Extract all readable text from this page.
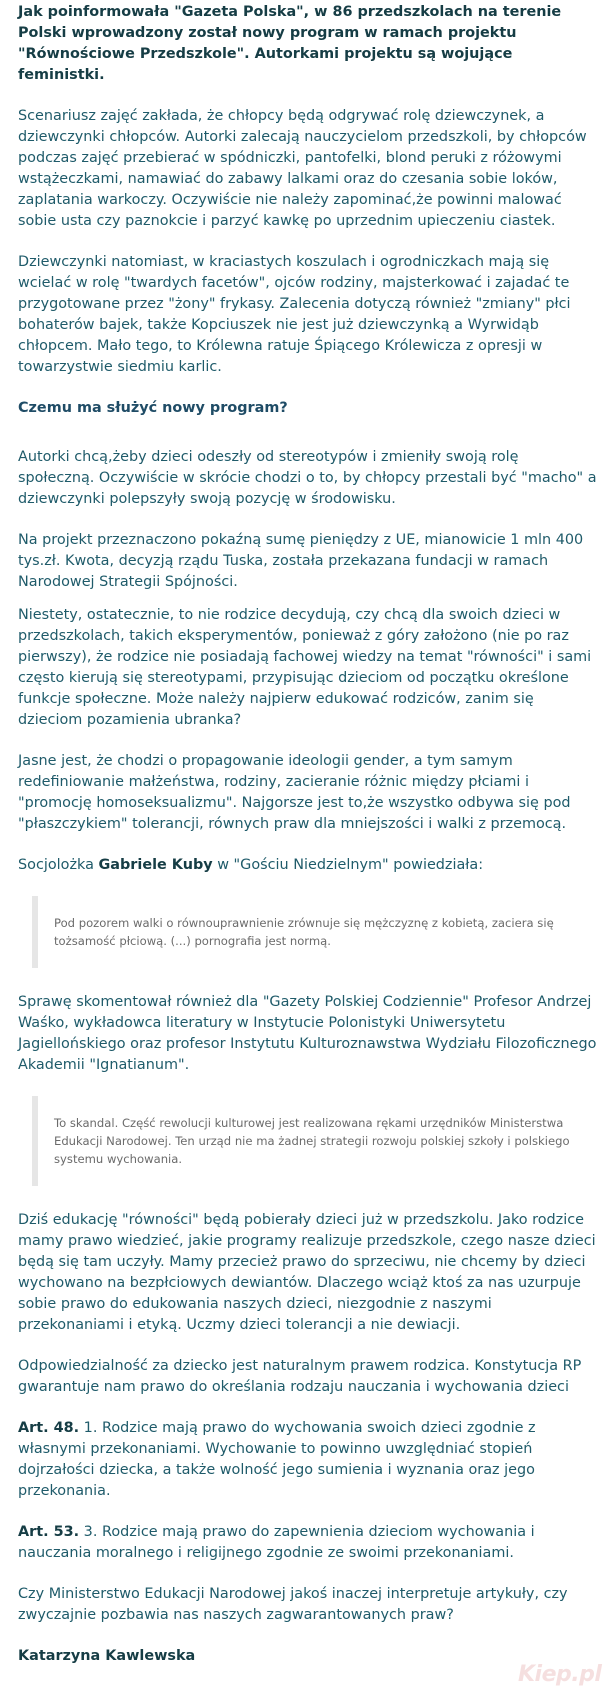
Jak poinformowała "Gazeta Polska", w 86 przedszkolach na terenie Polski wprowadzony został nowy program w ramach projektu "Równościowe Przedszkole". Autorkami projektu są wojujące feministki.

Scenariusz zajęć zakłada, że chłopcy będą odgrywać rolę dziewczynek, a dziewczynki chłopców. Autorki zalecają nauczycielom przedszkoli, by chłopców podczas zajęć przebierać w spódniczki, pantofelki, blond peruki z różowymi wstążeczkami, namawiać do zabawy lalkami oraz do czesania sobie loków, zaplatania warkoczy. Oczywiście nie należy zapominać,że powinni malować sobie usta czy paznokcie i parzyć kawkę po uprzednim upieczeniu ciastek.

Dziewczynki natomiast, w kraciastych koszulach i ogrodniczkach mają się wcielać w rolę "twardych facetów", ojców rodziny, majsterkować i zajadać te przygotowane przez "żony" frykasy. Zalecenia dotyczą również "zmiany" płci bohaterów bajek, także Kopciuszek nie jest już dziewczynką a Wyrwidąb chłopcem. Mało tego, to Królewna ratuje Śpiącego Królewicza z opresji w towarzystwie siedmiu karlic.

Czemu ma służyć nowy program?

Autorki chcą,żeby dzieci odeszły od stereotypów i zmieniły swoją rolę społeczną. Oczywiście w skrócie chodzi o to, by chłopcy przestali być "macho" a dziewczynki polepszyły swoją pozycję w środowisku.

Na projekt przeznaczono pokaźną sumę pieniędzy z UE, mianowicie 1 mln 400 tys.zł. Kwota, decyzją rządu Tuska, została przekazana fundacji w ramach Narodowej Strategii Spójności.

Niestety, ostatecznie, to nie rodzice decydują, czy chcą dla swoich dzieci w przedszkolach, takich eksperymentów, ponieważ z góry założono (nie po raz pierwszy), że rodzice nie posiadają fachowej wiedzy na temat "równości" i sami często kierują się stereotypami, przypisując dzieciom od początku określone funkcje społeczne. Może należy najpierw edukować rodziców, zanim się dzieciom pozamienia ubranka?

Jasne jest, że chodzi o propagowanie ideologii gender, a tym samym redefiniowanie małżeństwa, rodziny, zacieranie różnic między płciami i "promocję homoseksualizmu". Najgorsze jest to,że wszystko odbywa się pod "płaszczykiem" tolerancji, równych praw dla mniejszości i walki z przemocą.

Socjolożka Gabriele Kuby w "Gościu Niedzielnym" powiedziała:

Pod pozorem walki o równouprawnienie zrównuje się mężczyznę z kobietą, zaciera się tożsamość płciową. (...) pornografia jest normą.

Sprawę skomentował również dla "Gazety Polskiej Codziennie" Profesor Andrzej Waśko, wykładowca literatury w Instytucie Polonistyki Uniwersytetu Jagiellońskiego oraz profesor Instytutu Kulturoznawstwa Wydziału Filozoficznego Akademii "Ignatianum".

To skandal. Część rewolucji kulturowej jest realizowana rękami urzędników Ministerstwa Edukacji Narodowej. Ten urząd nie ma żadnej strategii rozwoju polskiej szkoły i polskiego systemu wychowania.

Dziś edukację "równości" będą pobierały dzieci już w przedszkolu. Jako rodzice mamy prawo wiedzieć, jakie programy realizuje przedszkole, czego nasze dzieci będą się tam uczyły. Mamy przecież prawo do sprzeciwu, nie chcemy by dzieci wychowano na bezpłciowych dewiantów. Dlaczego wciąż ktoś za nas uzurpuje sobie prawo do edukowania naszych dzieci, niezgodnie z naszymi przekonaniami i etyką. Uczmy dzieci tolerancji a nie dewiacji.

Odpowiedzialność za dziecko jest naturalnym prawem rodzica. Konstytucja RP gwarantuje nam prawo do określania rodzaju nauczania i wychowania dzieci

Art. 48. 1. Rodzice mają prawo do wychowania swoich dzieci zgodnie z własnymi przekonaniami. Wychowanie to powinno uwzględniać stopień dojrzałości dziecka, a także wolność jego sumienia i wyznania oraz jego przekonania.

Art. 53. 3. Rodzice mają prawo do zapewnienia dzieciom wychowania i nauczania moralnego i religijnego zgodnie ze swoimi przekonaniami.

Czy Ministerstwo Edukacji Narodowej jakoś inaczej interpretuje artykuły, czy zwyczajnie pozbawia nas naszych zagwarantowanych praw?

Katarzyna Kawlewska

Kiep.pl
